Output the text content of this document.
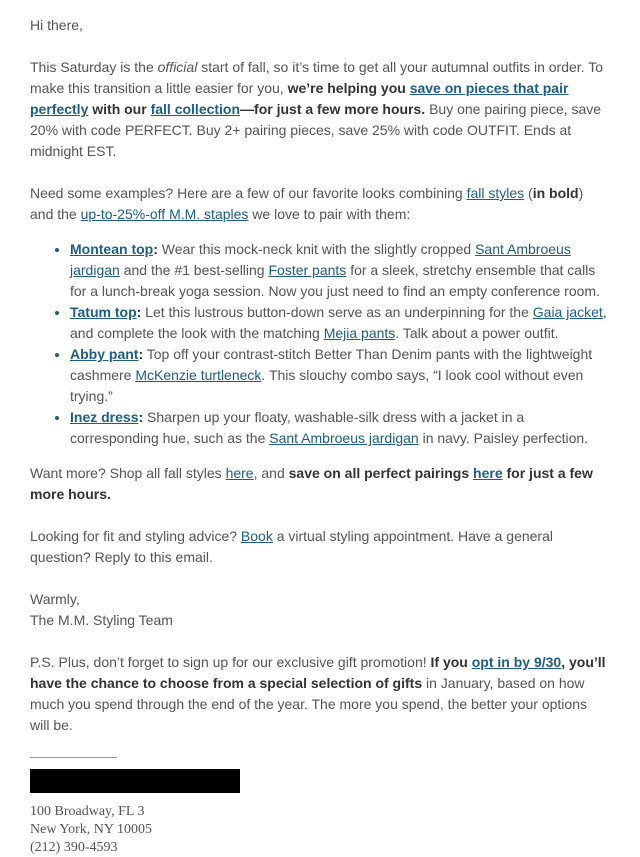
Hi there,

This Saturday is the official start of fall, so it’s time to get all your autumnal outfits in order. To make this transition a little easier for you, we’re helping you save on pieces that pair perfectly with our fall collection—for just a few more hours. Buy one pairing piece, save 20% with code PERFECT. Buy 2+ pairing pieces, save 25% with code OUTFIT. Ends at midnight EST.

Need some examples? Here are a few of our favorite looks combining fall styles (in bold) and the up-to-25%-off M.M. staples we love to pair with them:

• Montean top: Wear this mock-neck knit with the slightly cropped Sant Ambroeus jardigan and the #1 best-selling Foster pants for a sleek, stretchy ensemble that calls for a lunch-break yoga session. Now you just need to find an empty conference room.
• Tatum top: Let this lustrous button-down serve as an underpinning for the Gaia jacket, and complete the look with the matching Mejia pants. Talk about a power outfit.
• Abby pant: Top off your contrast-stitch Better Than Denim pants with the lightweight cashmere McKenzie turtleneck. This slouchy combo says, “I look cool without even trying.”
• Inez dress: Sharpen up your floaty, washable-silk dress with a jacket in a corresponding hue, such as the Sant Ambroeus jardigan in navy. Paisley perfection.

Want more? Shop all fall styles here, and save on all perfect pairings here for just a few more hours.

Looking for fit and styling advice? Book a virtual styling appointment. Have a general question? Reply to this email.

Warmly,
The M.M. Styling Team

P.S. Plus, don’t forget to sign up for our exclusive gift promotion! If you opt in by 9/30, you’ll have the chance to choose from a special selection of gifts in January, based on how much you spend through the end of the year. The more you spend, the better your options will be.

100 Broadway, FL 3
New York, NY 10005
(212) 390-4593
